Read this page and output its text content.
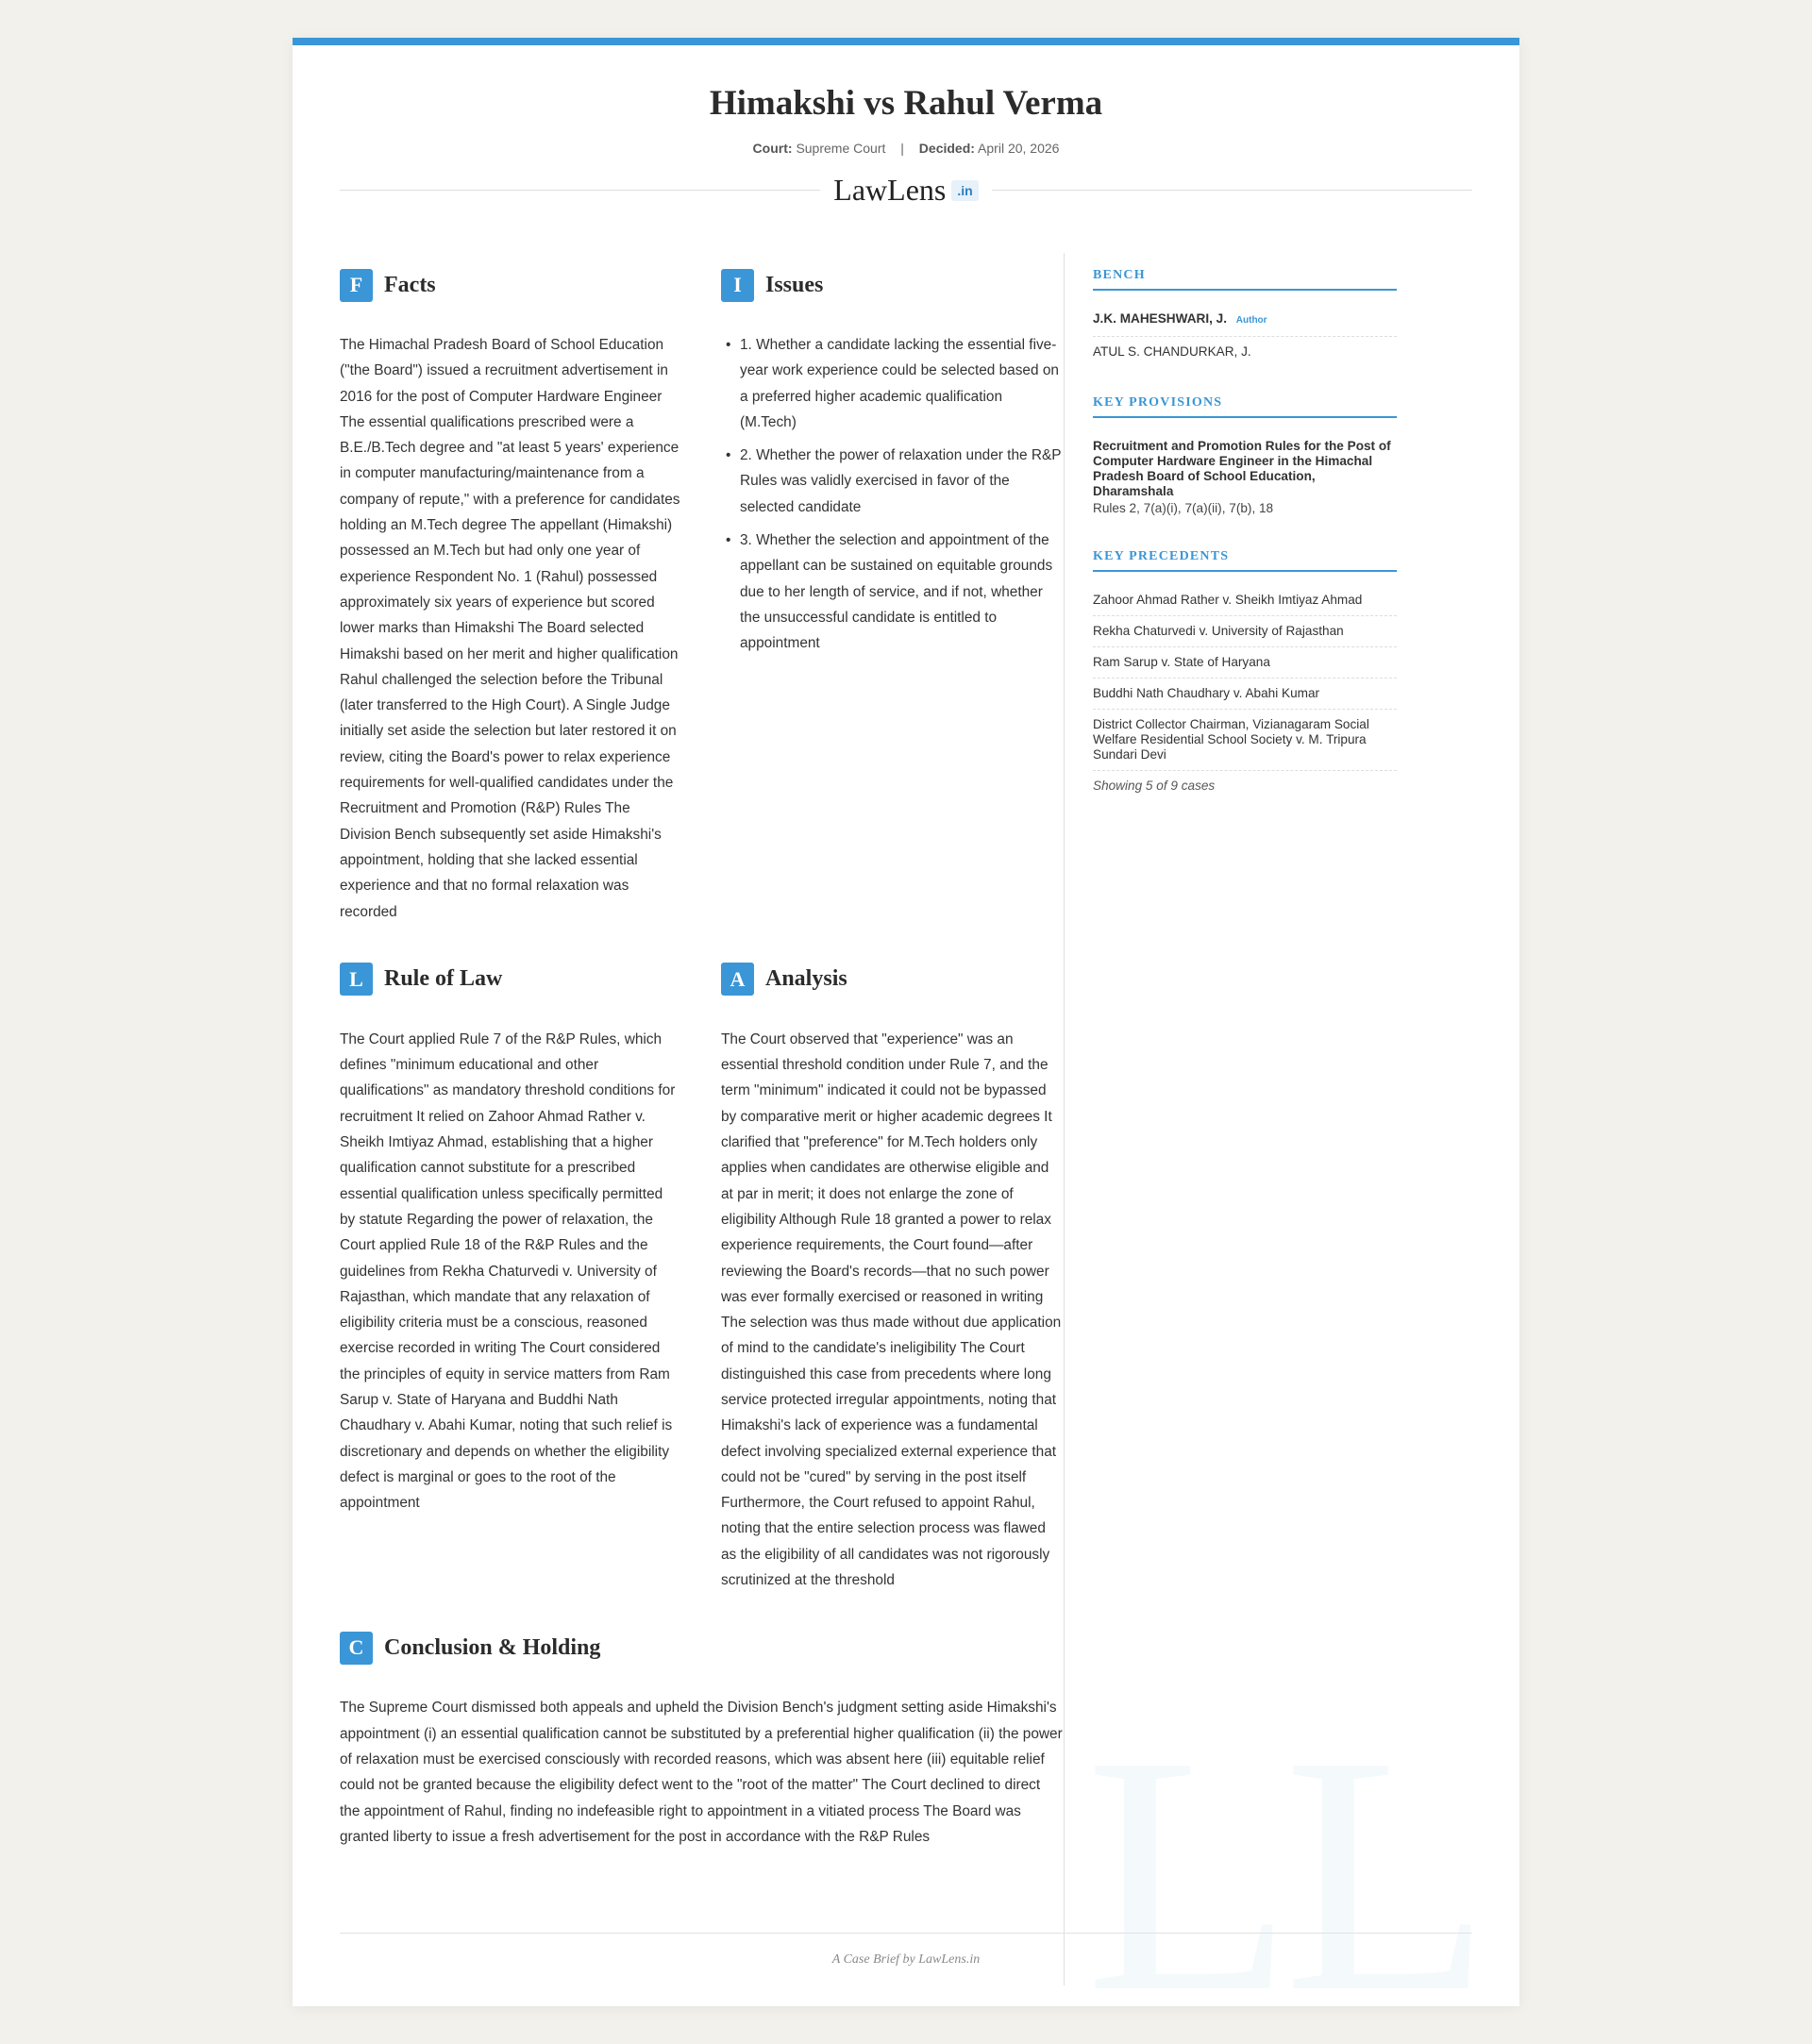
LL
Himakshi vs Rahul Verma
Court: Supreme Court | Decided: April 20, 2026
LawLens .in
F Facts

The Himachal Pradesh Board of School Education ("the Board") issued a recruitment advertisement in 2016 for the post of Computer Hardware Engineer The essential qualifications prescribed were a B.E./B.Tech degree and "at least 5 years' experience in computer manufacturing/maintenance from a company of repute," with a preference for candidates holding an M.Tech degree The appellant (Himakshi) possessed an M.Tech but had only one year of experience Respondent No. 1 (Rahul) possessed approximately six years of experience but scored lower marks than Himakshi The Board selected Himakshi based on her merit and higher qualification Rahul challenged the selection before the Tribunal (later transferred to the High Court). A Single Judge initially set aside the selection but later restored it on review, citing the Board's power to relax experience requirements for well-qualified candidates under the Recruitment and Promotion (R&P) Rules The Division Bench subsequently set aside Himakshi's appointment, holding that she lacked essential experience and that no formal relaxation was recorded

I	Issues
• 1. Whether a candidate lacking the essential five-year work experience could be selected based on a preferred higher academic qualification (M.Tech)
• 2. Whether the power of relaxation under the R&P Rules was validly exercised in favor of the selected candidate
• 3. Whether the selection and appointment of the appellant can be sustained on equitable grounds due to her length of service, and if not, whether the unsuccessful candidate is entitled to appointment
L Rule of Law

The Court applied Rule 7 of the R&P Rules, which defines "minimum educational and other qualifications" as mandatory threshold conditions for recruitment It relied on Zahoor Ahmad Rather v. Sheikh Imtiyaz Ahmad, establishing that a higher qualification cannot substitute for a prescribed essential qualification unless specifically permitted by statute Regarding the power of relaxation, the Court applied Rule 18 of the R&P Rules and the guidelines from Rekha Chaturvedi v. University of Rajasthan, which mandate that any relaxation of eligibility criteria must be a conscious, reasoned exercise recorded in writing The Court considered the principles of equity in service matters from Ram Sarup v. State of Haryana and Buddhi Nath Chaudhary v. Abahi Kumar, noting that such relief is discretionary and depends on whether the eligibility defect is marginal or goes to the root of the appointment

A Analysis

The Court observed that "experience" was an essential threshold condition under Rule 7, and the term "minimum" indicated it could not be bypassed by comparative merit or higher academic degrees It clarified that "preference" for M.Tech holders only applies when candidates are otherwise eligible and at par in merit; it does not enlarge the zone of eligibility Although Rule 18 granted a power to relax experience requirements, the Court found—after reviewing the Board's records—that no such power was ever formally exercised or reasoned in writing The selection was thus made without due application of mind to the candidate's ineligibility The Court distinguished this case from precedents where long service protected irregular appointments, noting that Himakshi's lack of experience was a fundamental defect involving specialized external experience that could not be "cured" by serving in the post itself Furthermore, the Court refused to appoint Rahul, noting that the entire selection process was flawed as the eligibility of all candidates was not rigorously scrutinized at the threshold

C Conclusion & Holding

The Supreme Court dismissed both appeals and upheld the Division Bench's judgment setting aside Himakshi's appointment (i) an essential qualification cannot be substituted by a preferential higher qualification (ii) the power of relaxation must be exercised consciously with recorded reasons, which was absent here (iii) equitable relief could not be granted because the eligibility defect went to the "root of the matter" The Court declined to direct the appointment of Rahul, finding no indefeasible right to appointment in a vitiated process The Board was granted liberty to issue a fresh advertisement for the post in accordance with the R&P Rules

BENCH
J.K. MAHESHWARI, J. Author
ATUL S. CHANDURKAR, J.
KEY PROVISIONS
Recruitment and Promotion Rules for the Post of Computer Hardware Engineer in the Himachal Pradesh Board of School Education, Dharamshala
Rules 2, 7(a)(i), 7(a)(ii), 7(b), 18
KEY PRECEDENTS
Zahoor Ahmad Rather v. Sheikh Imtiyaz Ahmad
Rekha Chaturvedi v. University of Rajasthan
Ram Sarup v. State of Haryana
Buddhi Nath Chaudhary v. Abahi Kumar
District Collector Chairman, Vizianagaram Social Welfare Residential School Society v. M. Tripura Sundari Devi
Showing 5 of 9 cases
A Case Brief by LawLens.in
